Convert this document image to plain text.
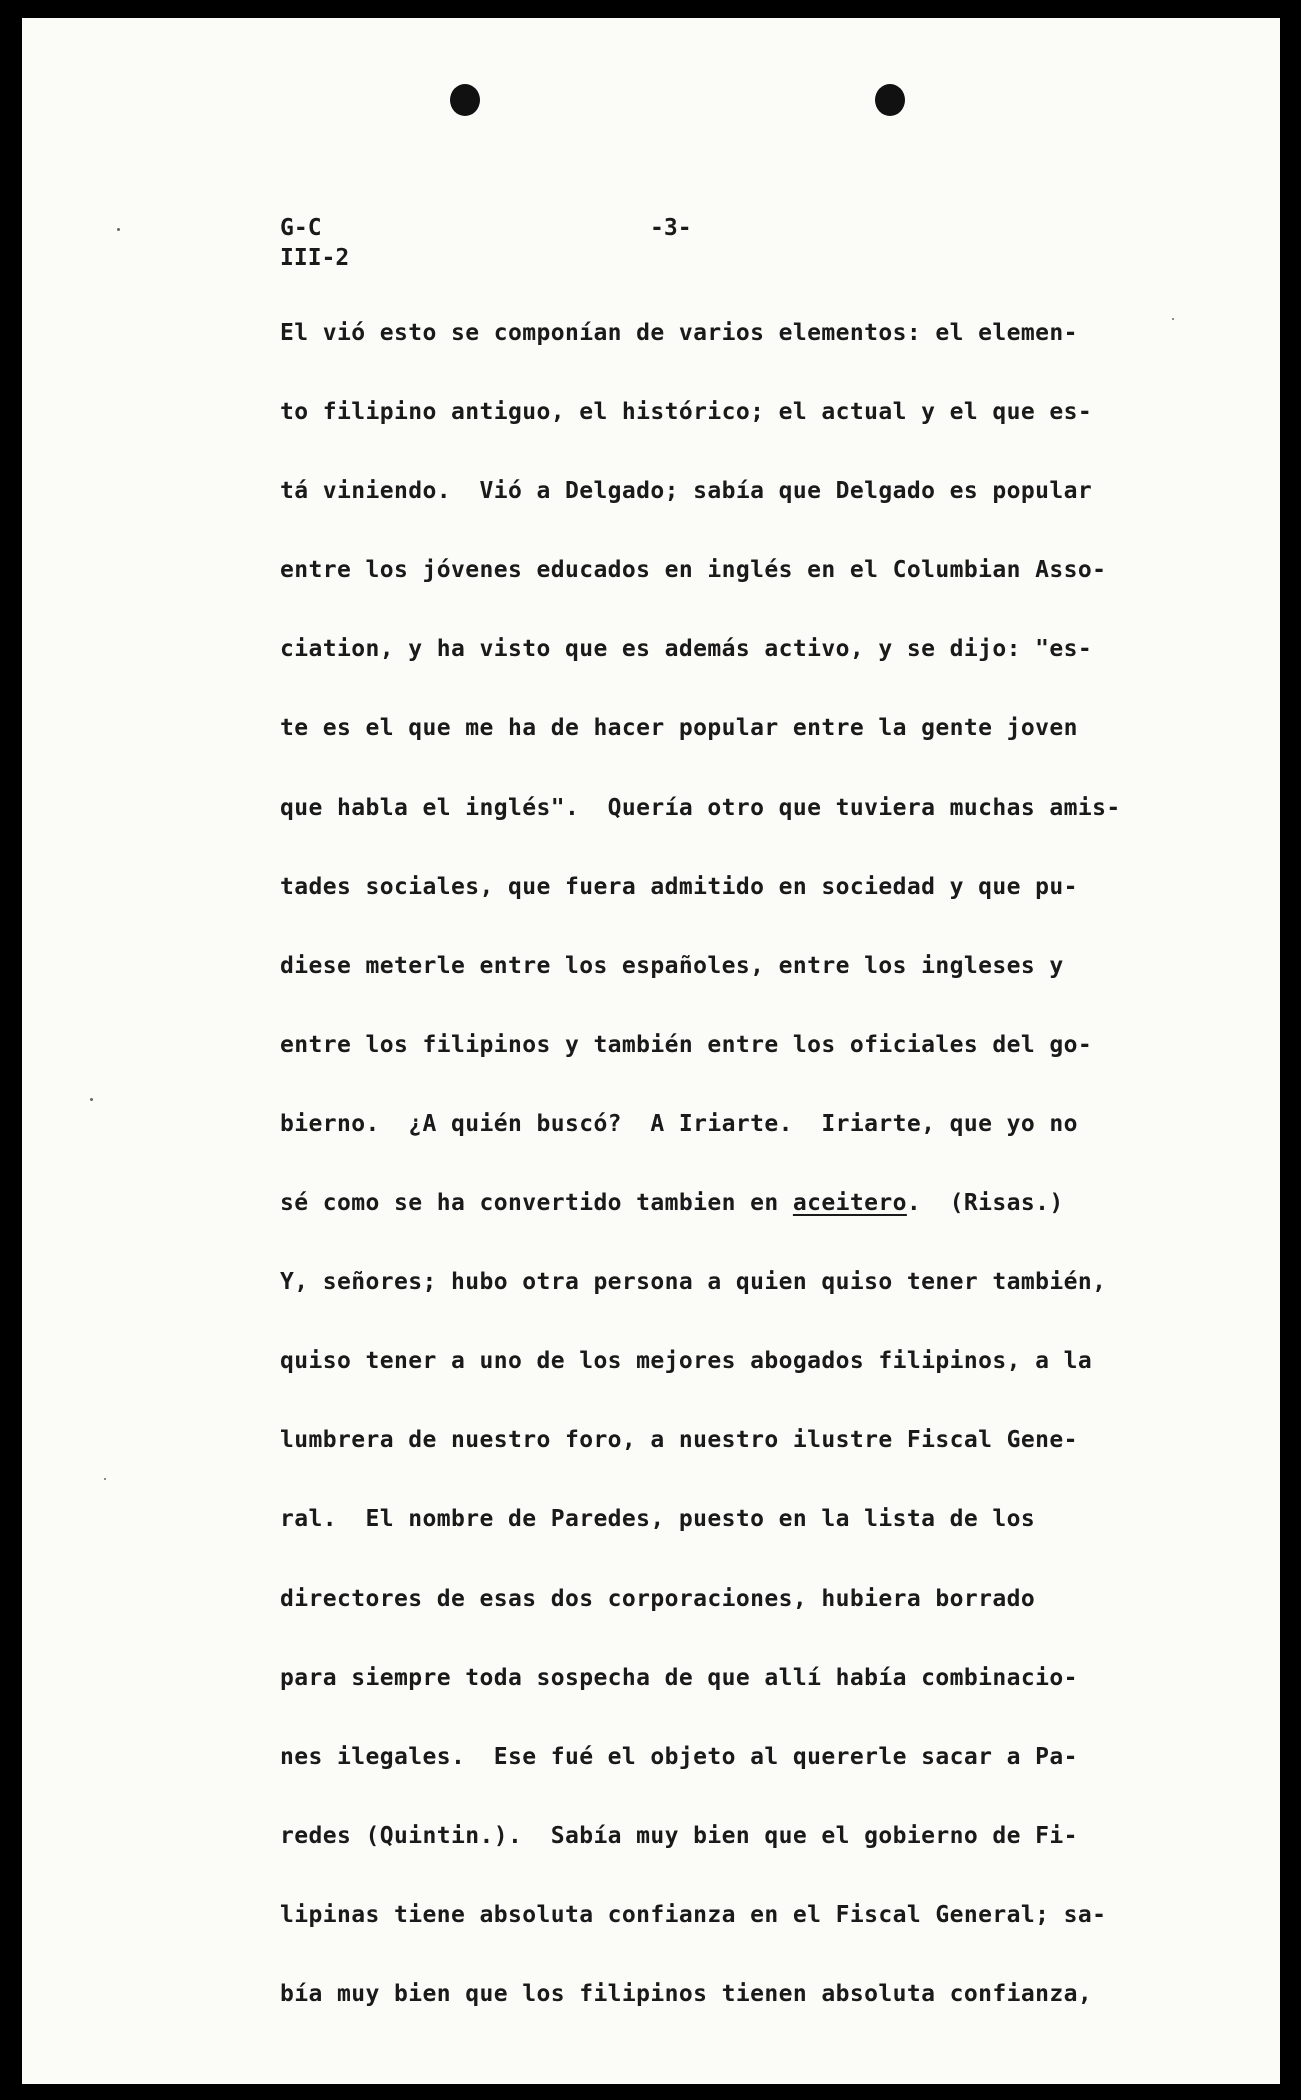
G-C
III-2
-3-
El vió esto se componían de varios elementos: el elemen-
to filipino antiguo, el histórico; el actual y el que es-
tá viniendo.  Vió a Delgado; sabía que Delgado es popular
entre los jóvenes educados en inglés en el Columbian Asso-
ciation, y ha visto que es además activo, y se dijo: "es-
te es el que me ha de hacer popular entre la gente joven
que habla el inglés".  Quería otro que tuviera muchas amis-
tades sociales, que fuera admitido en sociedad y que pu-
diese meterle entre los españoles, entre los ingleses y
entre los filipinos y también entre los oficiales del go-
bierno.  ¿A quién buscó?  A Iriarte.  Iriarte, que yo no
sé como se ha convertido tambien en aceitero.  (Risas.)
Y, señores; hubo otra persona a quien quiso tener también,
quiso tener a uno de los mejores abogados filipinos, a la
lumbrera de nuestro foro, a nuestro ilustre Fiscal Gene-
ral.  El nombre de Paredes, puesto en la lista de los
directores de esas dos corporaciones, hubiera borrado
para siempre toda sospecha de que allí había combinacio-
nes ilegales.  Ese fué el objeto al quererle sacar a Pa-
redes (Quintin.).  Sabía muy bien que el gobierno de Fi-
lipinas tiene absoluta confianza en el Fiscal General; sa-
bía muy bien que los filipinos tienen absoluta confianza,
